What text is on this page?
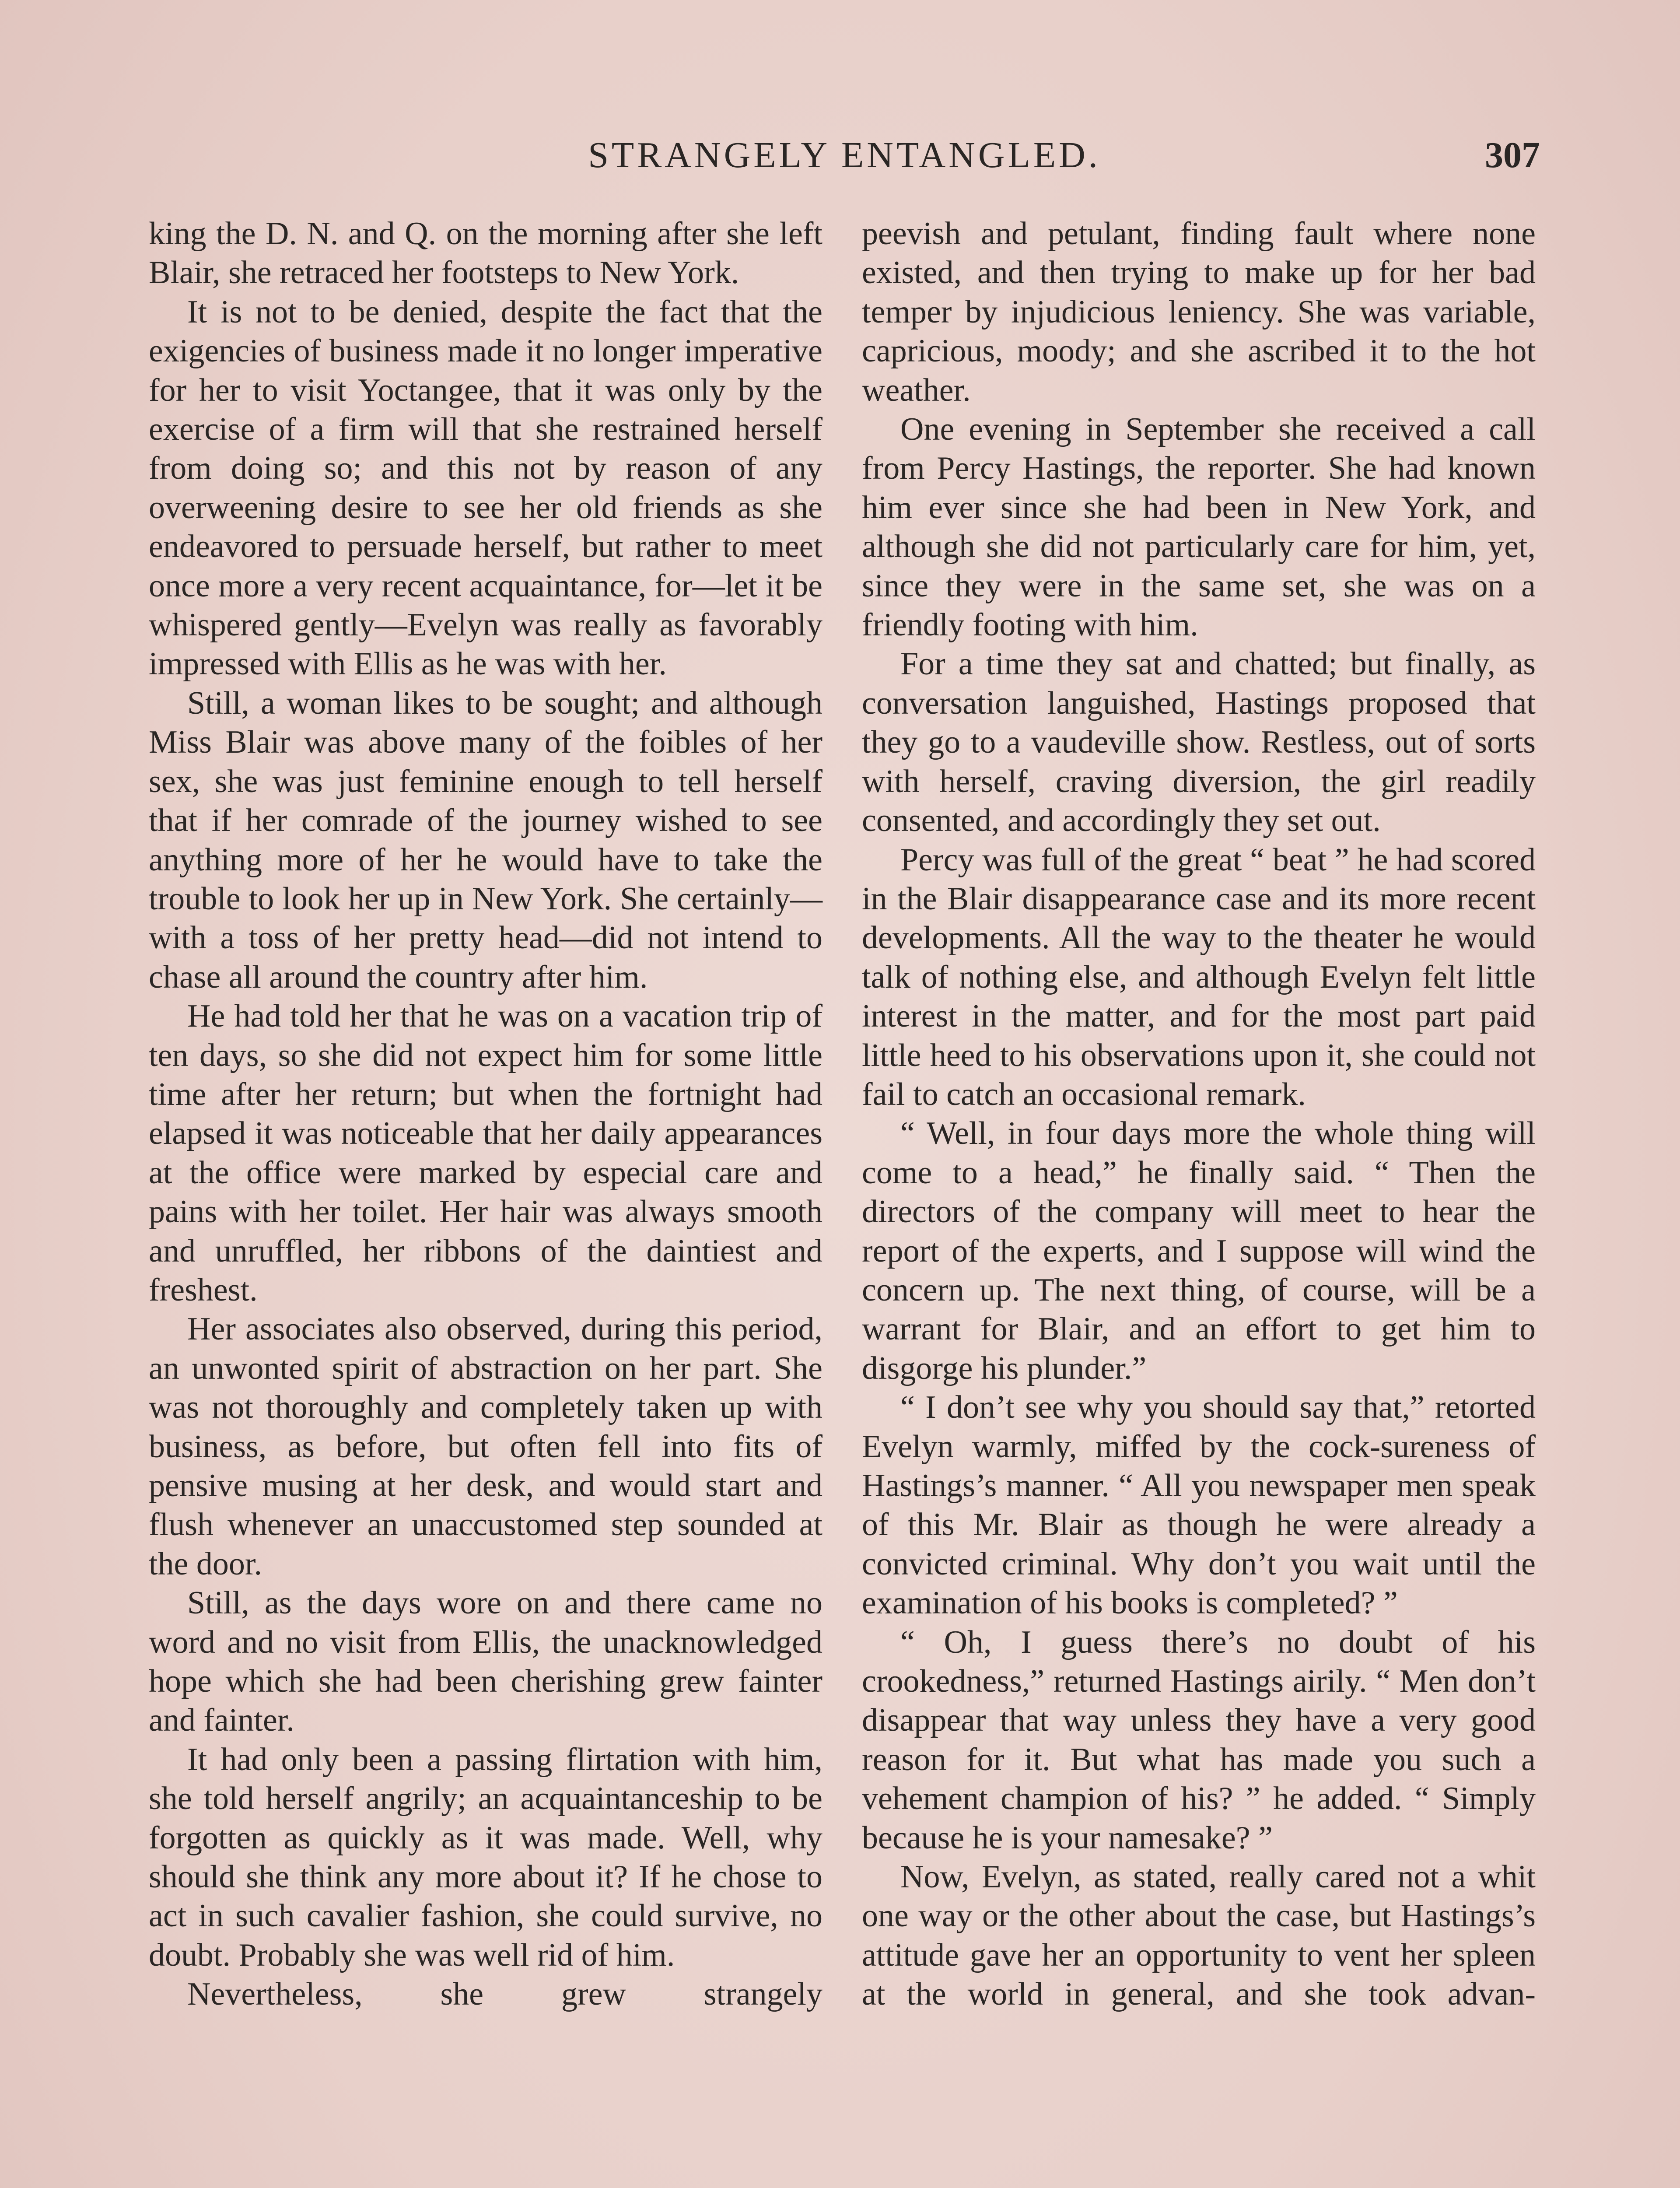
STRANGELY ENTANGLED.	307

king the D. N. and Q. on the morning after she left Blair, she retraced her footsteps to New York.

It is not to be denied, despite the fact that the exigencies of business made it no longer imperative for her to visit Yoctangee, that it was only by the exercise of a firm will that she restrained herself from doing so; and this not by reason of any overweening desire to see her old friends as she endeavored to persuade herself, but rather to meet once more a very recent acquaintance, for—let it be whispered gently—Evelyn was really as favorably impressed with Ellis as he was with her.

Still, a woman likes to be sought; and although Miss Blair was above many of the foibles of her sex, she was just feminine enough to tell herself that if her comrade of the journey wished to see anything more of her he would have to take the trouble to look her up in New York. She certainly—with a toss of her pretty head—did not intend to chase all around the country after him.

He had told her that he was on a vacation trip of ten days, so she did not expect him for some little time after her return; but when the fortnight had elapsed it was noticeable that her daily appearances at the office were marked by especial care and pains with her toilet. Her hair was always smooth and unruffled, her ribbons of the daintiest and freshest.

Her associates also observed, during this period, an unwonted spirit of abstraction on her part. She was not thoroughly and completely taken up with business, as before, but often fell into fits of pensive musing at her desk, and would start and flush whenever an unaccustomed step sounded at the door.

Still, as the days wore on and there came no word and no visit from Ellis, the unacknowledged hope which she had been cherishing grew fainter and fainter.

It had only been a passing flirtation with him, she told herself angrily; an acquaintanceship to be forgotten as quickly as it was made. Well, why should she think any more about it? If he chose to act in such cavalier fashion, she could survive, no doubt. Probably she was well rid of him.

Nevertheless, she grew strangely

peevish and petulant, finding fault where none existed, and then trying to make up for her bad temper by injudicious leniency. She was variable, capricious, moody; and she ascribed it to the hot weather.

One evening in September she received a call from Percy Hastings, the reporter. She had known him ever since she had been in New York, and although she did not particularly care for him, yet, since they were in the same set, she was on a friendly footing with him.

For a time they sat and chatted; but finally, as conversation languished, Hastings proposed that they go to a vaudeville show. Restless, out of sorts with herself, craving diversion, the girl readily consented, and accordingly they set out.

Percy was full of the great “ beat ” he had scored in the Blair disappearance case and its more recent developments. All the way to the theater he would talk of nothing else, and although Evelyn felt little interest in the matter, and for the most part paid little heed to his observations upon it, she could not fail to catch an occasional remark.

“ Well, in four days more the whole thing will come to a head,” he finally said. “ Then the directors of the company will meet to hear the report of the experts, and I suppose will wind the concern up. The next thing, of course, will be a warrant for Blair, and an effort to get him to disgorge his plunder.”

“ I don’t see why you should say that,” retorted Evelyn warmly, miffed by the cock-sureness of Hastings’s manner. “ All you newspaper men speak of this Mr. Blair as though he were already a convicted criminal. Why don’t you wait until the examination of his books is completed? ”

“ Oh, I guess there’s no doubt of his crookedness,” returned Hastings airily. “ Men don’t disappear that way unless they have a very good reason for it. But what has made you such a vehement champion of his? ” he added. “ Simply because he is your namesake? ”

Now, Evelyn, as stated, really cared not a whit one way or the other about the case, but Hastings’s attitude gave her an opportunity to vent her spleen at the world in general, and she took advan-
